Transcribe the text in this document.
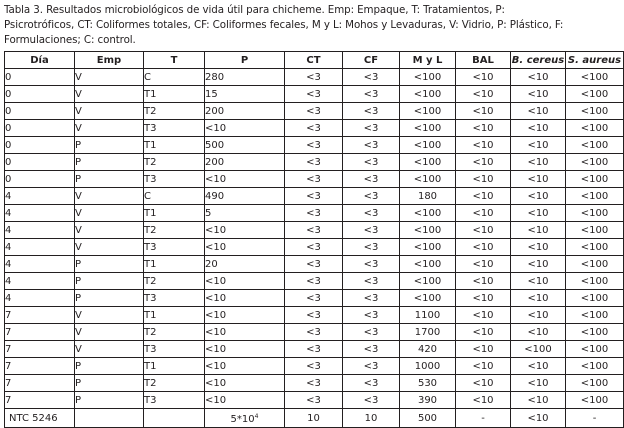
Tabla 3. Resultados microbiológicos de vida útil para chicheme. Emp: Empaque, T: Tratamientos, P: Psicrotróficos, CT: Coliformes totales, CF: Coliformes fecales, M y L: Mohos y Levaduras, V: Vidrio, P: Plástico, F: Formulaciones; C: control.

Día	Emp	T	P	CT	CF	M y L	BAL	B. cereus	S. aureus
0	V	C	280	<3	<3	<100	<10	<10	<100
0	V	T1	15	<3	<3	<100	<10	<10	<100
0	V	T2	200	<3	<3	<100	<10	<10	<100
0	V	T3	<10	<3	<3	<100	<10	<10	<100
0	P	T1	500	<3	<3	<100	<10	<10	<100
0	P	T2	200	<3	<3	<100	<10	<10	<100
0	P	T3	<10	<3	<3	<100	<10	<10	<100
4	V	C	490	<3	<3	180	<10	<10	<100
4	V	T1	5	<3	<3	<100	<10	<10	<100
4	V	T2	<10	<3	<3	<100	<10	<10	<100
4	V	T3	<10	<3	<3	<100	<10	<10	<100
4	P	T1	20	<3	<3	<100	<10	<10	<100
4	P	T2	<10	<3	<3	<100	<10	<10	<100
4	P	T3	<10	<3	<3	<100	<10	<10	<100
7	V	T1	<10	<3	<3	1100	<10	<10	<100
7	V	T2	<10	<3	<3	1700	<10	<10	<100
7	V	T3	<10	<3	<3	420	<10	<100	<100
7	P	T1	<10	<3	<3	1000	<10	<10	<100
7	P	T2	<10	<3	<3	530	<10	<10	<100
7	P	T3	<10	<3	<3	390	<10	<10	<100
NTC 5246			$5*10^4$	10	10	500	-	<10	-
